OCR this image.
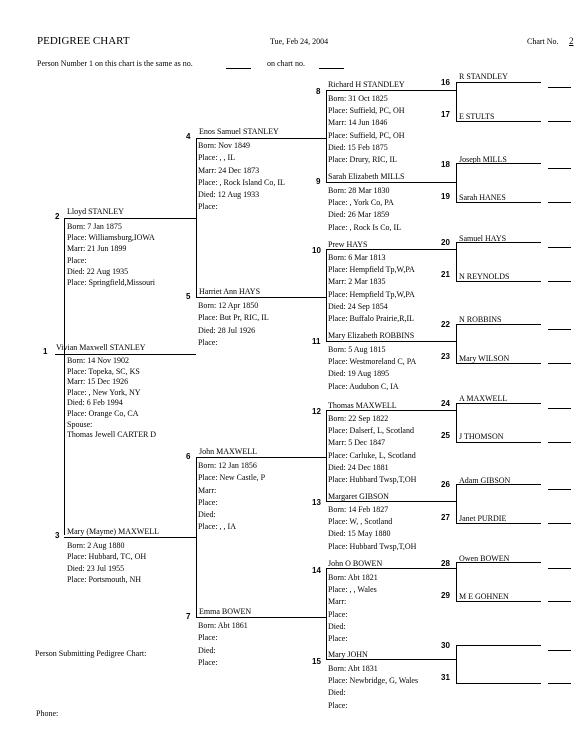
PEDIGREE CHART	Tue, Feb 24, 2004	Chart No. 2
Person Number 1 on this chart is the same as no.	on chart no.
Person Submitting Pedigree Chart:
Phone:
1 Vivian Maxwell STANLEY
Born: 14 Nov 1902
Place: Topeka, SC, KS
Marr: 15 Dec 1926
Place: , New York, NY
Died: 6 Feb 1994
Place: Orange Co, CA
Spouse:
Thomas Jewell CARTER D
2
Lloyd STANLEY
Born: 7 Jan 1875
Place: Williamsburg,IOWA
Marr: 21 Jun 1899
Place:
Died: 22 Aug 1935
Place: Springfield,Missouri
3 Mary (Mayme) MAXWELL
Born: 2 Aug 1880
Place: Hubbard, TC, OH
Died: 23 Jul 1955
Place: Portsmouth, NH
4
Enos Samuel STANLEY
Born: Nov 1849
Place: , , IL
Marr: 24 Dec 1873
Place: , Rock Island Co, IL
Died: 12 Aug 1933
Place:
5
Harriet Ann HAYS
Born: 12 Apr 1850
Place: But Pr, RIC, IL
Died: 28 Jul 1926
Place:
6
John MAXWELL
Born: 12 Jan 1856
Place: New Castle, P
Marr:
Place:
Died:
Place: , , IA
7
Emma BOWEN
Born: Abt 1861
Place:
Died:
Place:
8
Richard H STANDLEY
Born: 31 Oct 1825
Place: Suffield, PC, OH
Marr: 14 Jun 1846
Place: Suffield, PC, OH
Died: 15 Feb 1875
Place: Drury, RIC, IL
9
Sarah Elizabeth MILLS
Born: 28 Mar 1830
Place: , York Co, PA
Died: 26 Mar 1859
Place: , Rock Is Co, IL
10
Prew HAYS
Born: 6 Mar 1813
Place: Hempfield Tp,W,PA
Marr: 2 Mar 1835
Place: Hempfield Tp,W,PA
Died: 24 Sep 1854
Place: Buffalo Prairie,R,IL
11
Mary Elizabeth ROBBINS
Born: 5 Aug 1815
Place: Westmoreland C, PA
Died: 19 Aug 1895
Place: Audubon C, IA
12
Thomas MAXWELL
Born: 22 Sep 1822
Place: Dalserf, L, Scotland
Marr: 5 Dec 1847
Place: Carluke, L, Scotland
Died: 24 Dec 1881
Place: Hubbard Twsp,T,OH
13
Margaret GIBSON
Born: 14 Feb 1827
Place: W, , Scotland
Died: 15 May 1880
Place: Hubbard Twsp,T,OH
14
John O BOWEN
Born: Abt 1821
Place: , , Wales
Marr:
Place:
Died:
Place:
15
Mary JOHN
Born: Abt 1831
Place: Newbridge, G, Wales
Died:
Place:
16
R STANDLEY
17 E STULTS
18
Joseph MILLS
19 Sarah HANES
20 Samuel HAYS
21 N REYNOLDS
22
N ROBBINS
23 Mary WILSON
24
A MAXWELL
25 J THOMSON
26 Adam GIBSON
27 Janet PURDIE
28
Owen BOWEN
29 M E GOHNEN
30
31
